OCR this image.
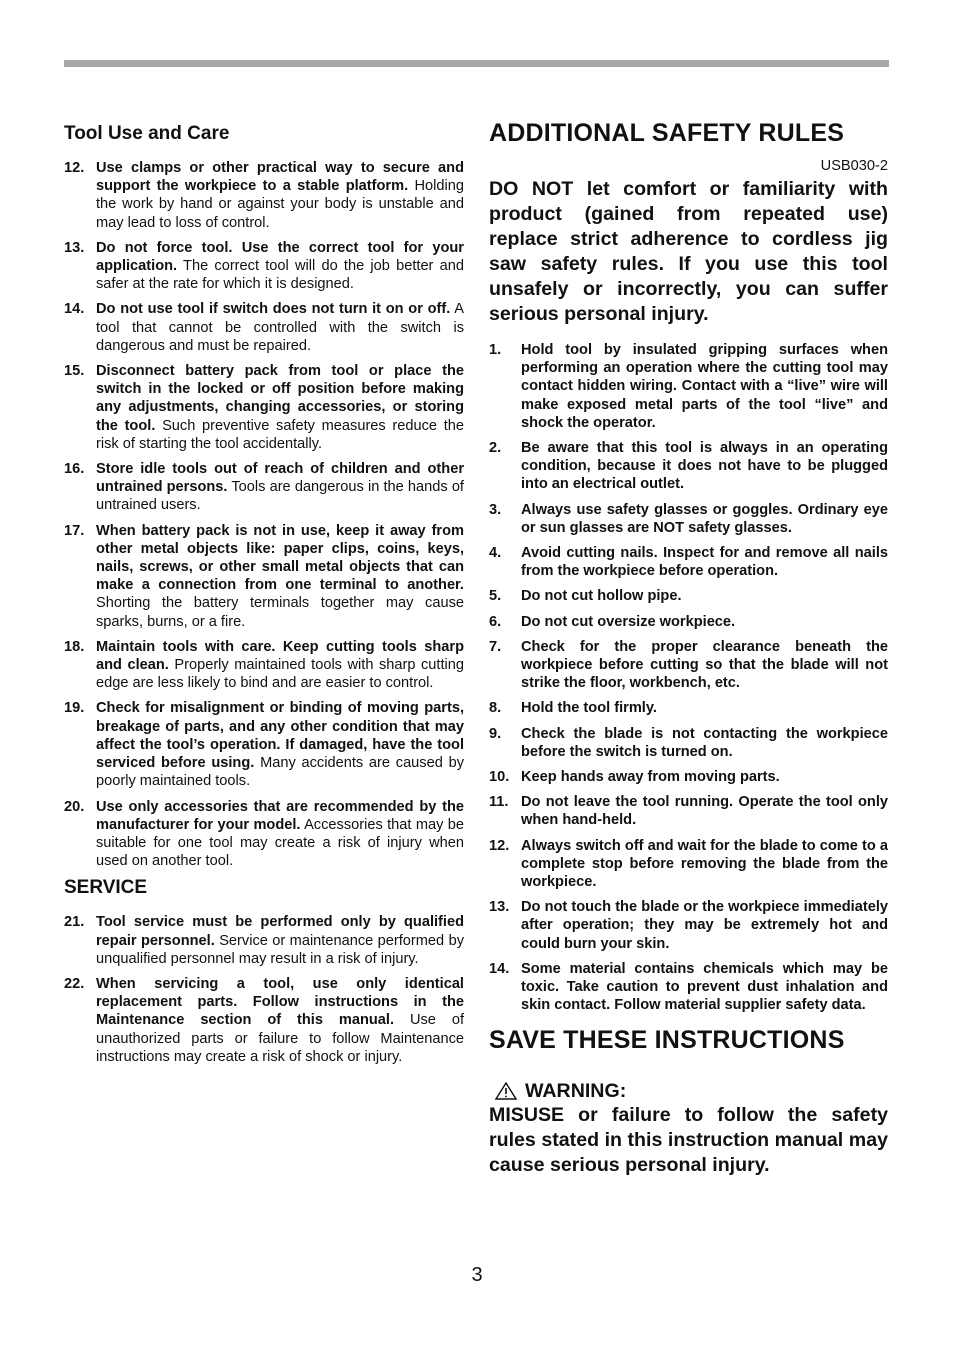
Tool Use and Care
12. Use clamps or other practical way to secure and support the workpiece to a stable platform. Holding the work by hand or against your body is unstable and may lead to loss of control.
13. Do not force tool. Use the correct tool for your application. The correct tool will do the job better and safer at the rate for which it is designed.
14. Do not use tool if switch does not turn it on or off. A tool that cannot be controlled with the switch is dangerous and must be repaired.
15. Disconnect battery pack from tool or place the switch in the locked or off position before making any adjustments, changing accessories, or storing the tool. Such preventive safety measures reduce the risk of starting the tool accidentally.
16. Store idle tools out of reach of children and other untrained persons. Tools are dangerous in the hands of untrained users.
17. When battery pack is not in use, keep it away from other metal objects like: paper clips, coins, keys, nails, screws, or other small metal objects that can make a connection from one terminal to another. Shorting the battery terminals together may cause sparks, burns, or a fire.
18. Maintain tools with care. Keep cutting tools sharp and clean. Properly maintained tools with sharp cutting edge are less likely to bind and are easier to control.
19. Check for misalignment or binding of moving parts, breakage of parts, and any other condition that may affect the tool’s operation. If damaged, have the tool serviced before using. Many accidents are caused by poorly maintained tools.
20. Use only accessories that are recommended by the manufacturer for your model. Accessories that may be suitable for one tool may create a risk of injury when used on another tool.
SERVICE
21. Tool service must be performed only by qualified repair personnel. Service or maintenance performed by unqualified personnel may result in a risk of injury.
22. When servicing a tool, use only identical replacement parts. Follow instructions in the Maintenance section of this manual. Use of unauthorized parts or failure to follow Maintenance instructions may create a risk of shock or injury.
ADDITIONAL SAFETY RULES
USB030-2
DO NOT let comfort or familiarity with product (gained from repeated use) replace strict adherence to cordless jig saw safety rules. If you use this tool unsafely or incorrectly, you can suffer serious personal injury.
1.	Hold tool by insulated gripping surfaces when performing an operation where the cutting tool may contact hidden wiring. Contact with a “live” wire will make exposed metal parts of the tool “live” and shock the operator.
2.	Be aware that this tool is always in an operating condition, because it does not have to be plugged into an electrical outlet.
3.	Always use safety glasses or goggles. Ordinary eye or sun glasses are NOT safety glasses.
4.	Avoid cutting nails. Inspect for and remove all nails from the workpiece before operation.
5.	Do not cut hollow pipe.
6.	Do not cut oversize workpiece.
7.	Check for the proper clearance beneath the workpiece before cutting so that the blade will not strike the floor, workbench, etc.
8.	Hold the tool firmly.
9.	Check the blade is not contacting the workpiece before the switch is turned on.
10. Keep hands away from moving parts.
11. Do not leave the tool running. Operate the tool only when hand-held.
12. Always switch off and wait for the blade to come to a complete stop before removing the blade from the workpiece.
13. Do not touch the blade or the workpiece immediately after operation; they may be extremely hot and could burn your skin.
14. Some material contains chemicals which may be toxic. Take caution to prevent dust inhalation and skin contact. Follow material supplier safety data.
SAVE THESE INSTRUCTIONS
WARNING:
MISUSE or failure to follow the safety rules stated in this instruction manual may cause serious personal injury.
3
